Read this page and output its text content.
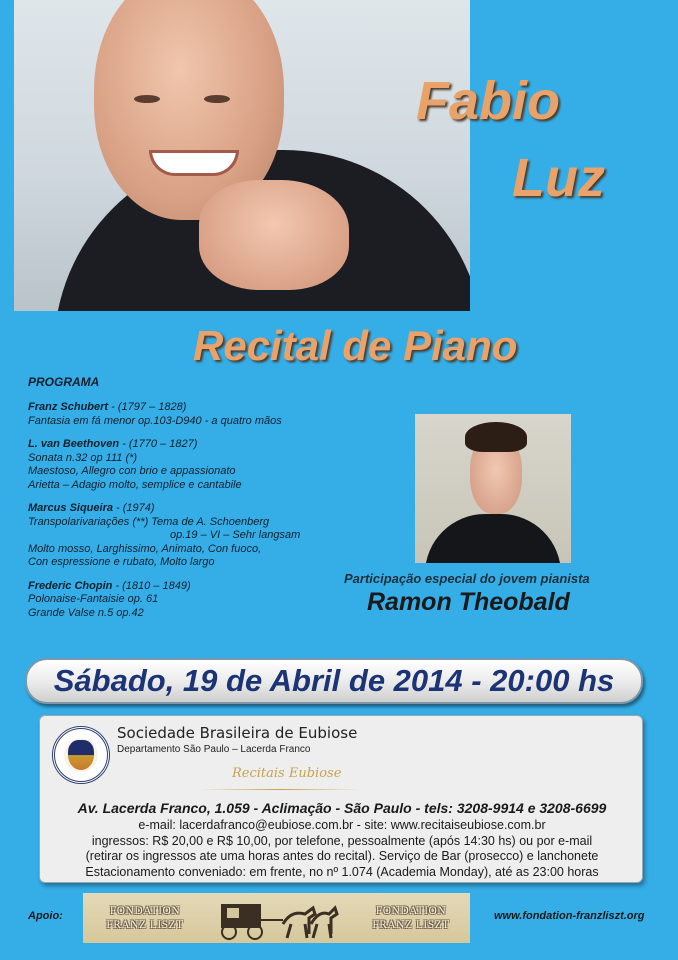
Fabio
Luz
Recital de Piano
PROGRAMA
Franz Schubert - (1797 – 1828)
Fantasia em fá menor op.103-D940 - a quatro mãos
L. van Beethoven - (1770 – 1827)
Sonata n.32 op 111 (*)
Maestoso, Allegro con brio e appassionato
Arietta – Adagio molto, semplice e cantabile
Marcus Siqueira - (1974)
Transpolarivariações (**) Tema de A. Schoenberg
op.19 – VI – Sehr langsam
Molto mosso, Larghissimo, Animato, Con fuoco,
Con espressione e rubato, Molto largo
Frederic Chopin - (1810 – 1849)
Polonaise-Fantaisie op. 61
Grande Valse n.5 op.42
Participação especial do jovem pianista
Ramon Theobald
Sábado, 19 de Abril de 2014 - 20:00 hs
Sociedade Brasileira de Eubiose
Departamento São Paulo – Lacerda Franco
Recitais Eubiose
Av. Lacerda Franco, 1.059 - Aclimação - São Paulo - tels: 3208-9914 e 3208-6699
e-mail: lacerdafranco@eubiose.com.br - site: www.recitaiseubiose.com.br
ingressos: R$ 20,00 e R$ 10,00, por telefone, pessoalmente (após 14:30 hs) ou por e-mail
(retirar os ingressos ate uma horas antes do recital). Serviço de Bar (prosecco) e lanchonete
Estacionamento conveniado: em frente, no nº 1.074 (Academia Monday), até as 23:00 horas
Apoio:	FONDATION
FRANZ LISZT
FONDATION
FRANZ LISZT
www.fondation-franzliszt.org
